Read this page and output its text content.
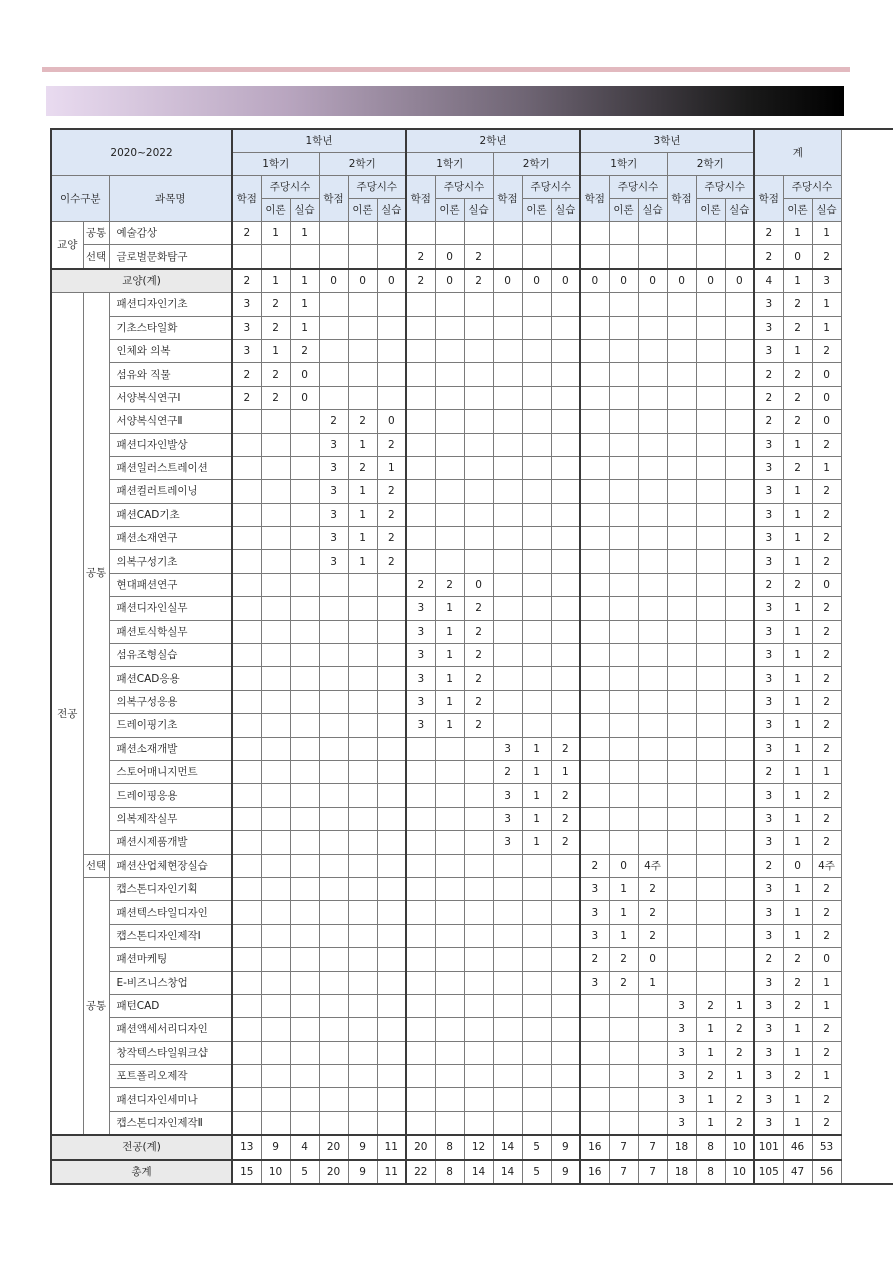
2020~2022			1학년						2학년						3학년						계		
			1학기			2학기			1학기			2학기			1학기			2학기					
이수구분		과목명	학점	주당시수		학점	주당시수		학점	주당시수		학점	주당시수		학점	주당시수		학점	주당시수		학점	주당시수	
				이론	실습		이론	실습		이론	실습		이론	실습		이론	실습		이론	실습		이론	실습
교양	공통	예술감상	2	1	1																2	1	1
	선택	글로벌문화탐구							2	0	2										2	0	2
교양(계)			2	1	1	0	0	0	2	0	2	0	0	0	0	0	0	0	0	0	4	1	3
전공	공통	패션디자인기초	3	2	1																3	2	1
		기초스타일화	3	2	1																3	2	1
		인체와 의복	3	1	2																3	1	2
		섬유와 직물	2	2	0																2	2	0
		서양복식연구Ⅰ	2	2	0																2	2	0
		서양복식연구Ⅱ				2	2	0													2	2	0
		패션디자인발상				3	1	2													3	1	2
		패션일러스트레이션				3	2	1													3	2	1
		패션컬러트레이닝				3	1	2													3	1	2
		패션CAD기초				3	1	2													3	1	2
		패션소재연구				3	1	2													3	1	2
		의복구성기초				3	1	2													3	1	2
		현대패션연구							2	2	0										2	2	0
		패션디자인실무							3	1	2										3	1	2
		패션토식학실무							3	1	2										3	1	2
		섬유조형실습							3	1	2										3	1	2
		패션CAD응용							3	1	2										3	1	2
		의복구성응용							3	1	2										3	1	2
		드레이핑기초							3	1	2										3	1	2
		패션소재개발										3	1	2							3	1	2
		스토어매니지먼트										2	1	1							2	1	1
		드레이핑응용										3	1	2							3	1	2
		의복제작실무										3	1	2							3	1	2
		패션시제품개발										3	1	2							3	1	2
	선택	패션산업체현장실습													2	0	4주				2	0	4주
	공통	캡스톤디자인기획													3	1	2				3	1	2
		패션텍스타일디자인													3	1	2				3	1	2
		캡스톤디자인제작Ⅰ													3	1	2				3	1	2
		패션마케팅													2	2	0				2	2	0
		E-비즈니스창업													3	2	1				3	2	1
		패턴CAD																3	2	1	3	2	1
		패션액세서리디자인																3	1	2	3	1	2
		창작텍스타일워크샵																3	1	2	3	1	2
		포트폴리오제작																3	2	1	3	2	1
		패션디자인세미나																3	1	2	3	1	2
		캡스톤디자인제작Ⅱ																3	1	2	3	1	2
전공(계)			13	9	4	20	9	11	20	8	12	14	5	9	16	7	7	18	8	10	101	46	53
총계			15	10	5	20	9	11	22	8	14	14	5	9	16	7	7	18	8	10	105	47	56
